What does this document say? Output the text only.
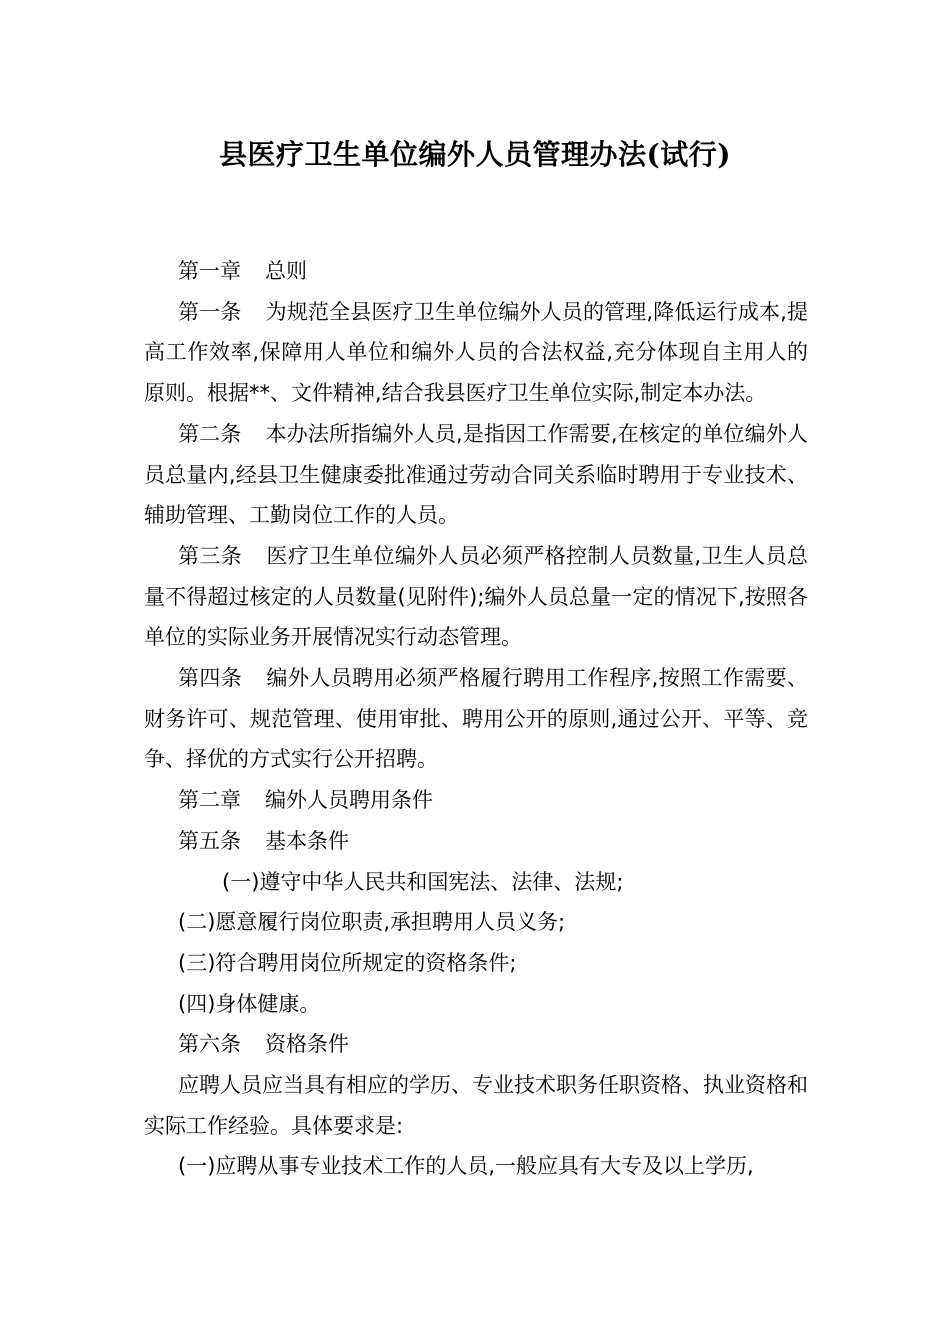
县医疗卫生单位编外人员管理办法(试行)

第一章 总则

第一条 为规范全县医疗卫生单位编外人员的管理,降低运行成本,提高工作效率,保障用人单位和编外人员的合法权益,充分体现自主用人的原则。根据**、文件精神,结合我县医疗卫生单位实际,制定本办法。

第二条 本办法所指编外人员,是指因工作需要,在核定的单位编外人员总量内,经县卫生健康委批准通过劳动合同关系临时聘用于专业技术、辅助管理、工勤岗位工作的人员。

第三条 医疗卫生单位编外人员必须严格控制人员数量,卫生人员总量不得超过核定的人员数量(见附件);编外人员总量一定的情况下,按照各单位的实际业务开展情况实行动态管理。

第四条 编外人员聘用必须严格履行聘用工作程序,按照工作需要、财务许可、规范管理、使用审批、聘用公开的原则,通过公开、平等、竞争、择优的方式实行公开招聘。

第二章 编外人员聘用条件

第五条 基本条件

(一)遵守中华人民共和国宪法、法律、法规;

(二)愿意履行岗位职责,承担聘用人员义务;

(三)符合聘用岗位所规定的资格条件;

(四)身体健康。

第六条 资格条件

应聘人员应当具有相应的学历、专业技术职务任职资格、执业资格和实际工作经验。具体要求是:

(一)应聘从事专业技术工作的人员,一般应具有大专及以上学历,
